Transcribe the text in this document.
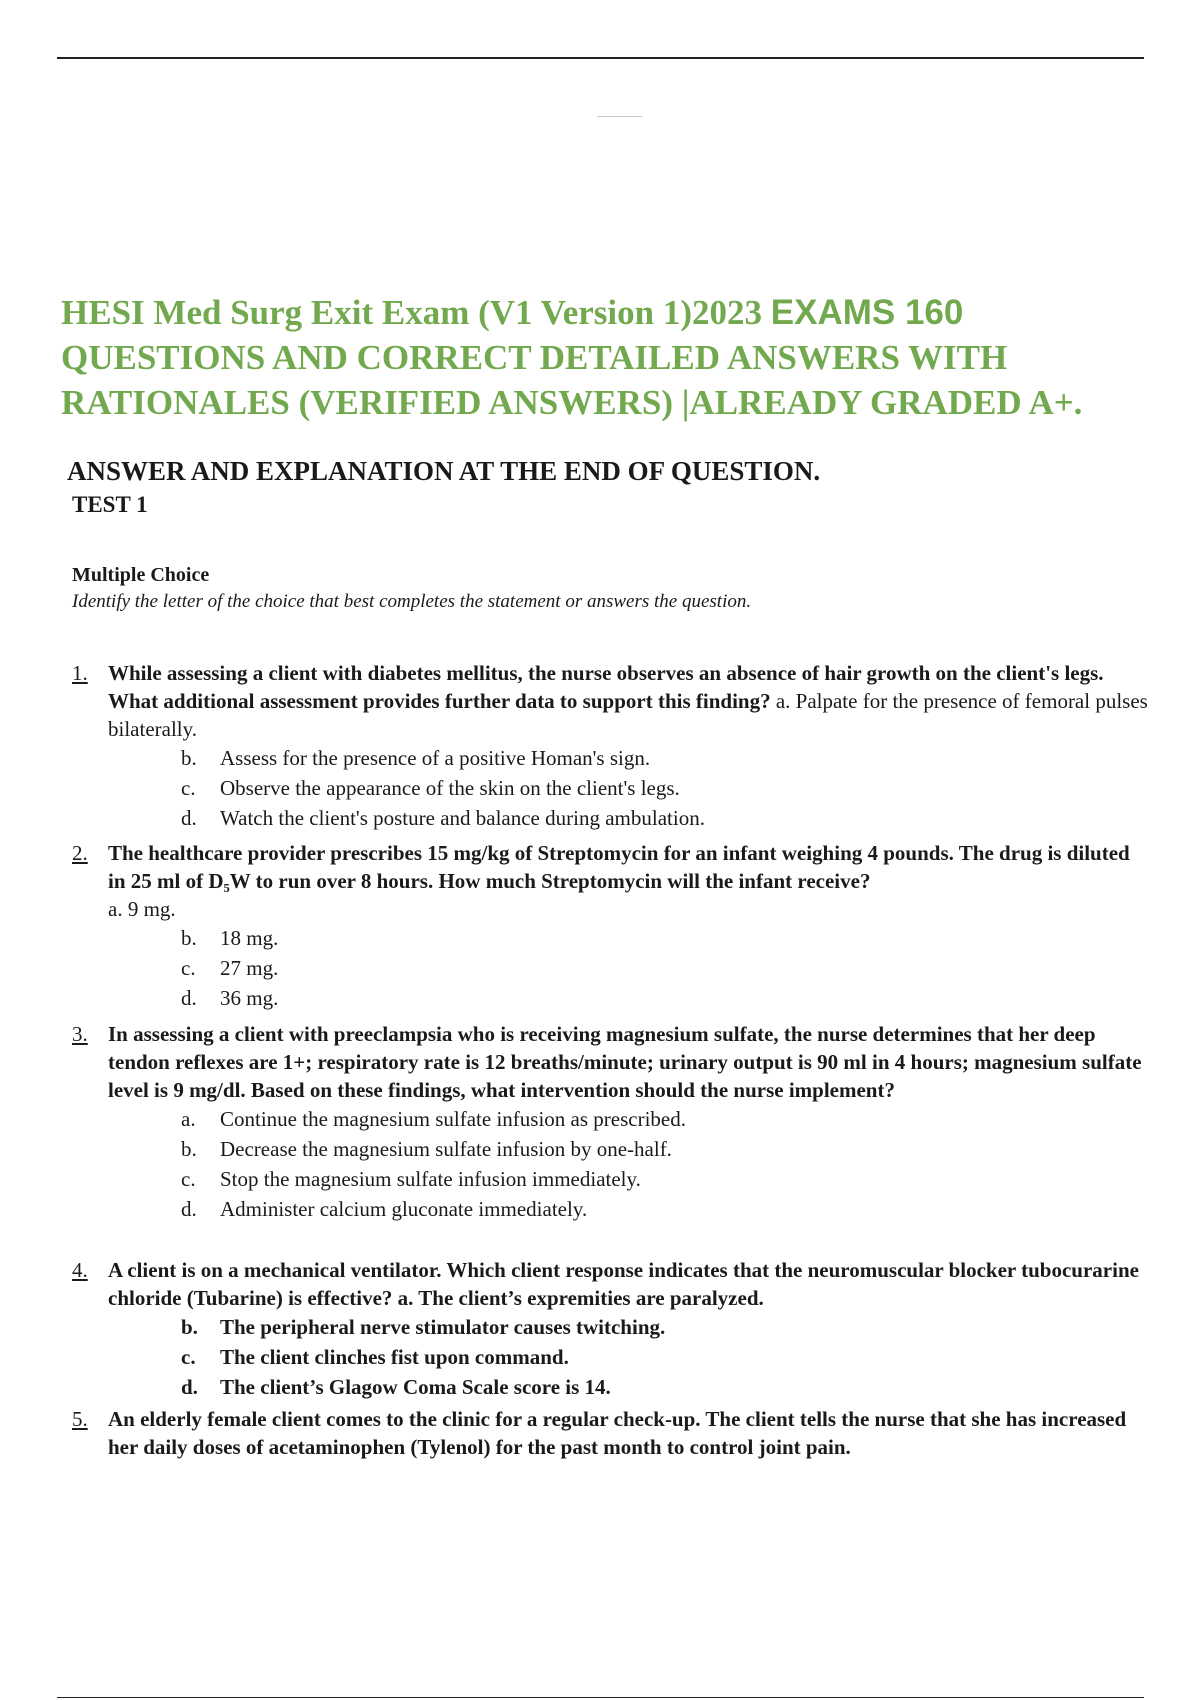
HESI Med Surg Exit Exam (V1 Version 1)2023 EXAMS 160
QUESTIONS AND CORRECT DETAILED ANSWERS WITH
RATIONALES (VERIFIED ANSWERS) |ALREADY GRADED A+.
ANSWER AND EXPLANATION AT THE END OF QUESTION.
TEST 1
Multiple Choice
Identify the letter of the choice that best completes the statement or answers the question.
1. While assessing a client with diabetes mellitus, the nurse observes an absence of hair growth on the client's legs. What additional assessment provides further data to support this finding? a. Palpate for the presence of femoral pulses bilaterally.
b. Assess for the presence of a positive Homan's sign.
c. Observe the appearance of the skin on the client's legs.
d. Watch the client's posture and balance during ambulation.
2. The healthcare provider prescribes 15 mg/kg of Streptomycin for an infant weighing 4 pounds. The drug is diluted in 25 ml of D₅W to run over 8 hours. How much Streptomycin will the infant receive?
a. 9 mg.
b. 18 mg.
c. 27 mg.
d. 36 mg.
3. In assessing a client with preeclampsia who is receiving magnesium sulfate, the nurse determines that her deep tendon reflexes are 1+; respiratory rate is 12 breaths/minute; urinary output is 90 ml in 4 hours; magnesium sulfate level is 9 mg/dl. Based on these findings, what intervention should the nurse implement?
a. Continue the magnesium sulfate infusion as prescribed.
b. Decrease the magnesium sulfate infusion by one-half.
c. Stop the magnesium sulfate infusion immediately.
d. Administer calcium gluconate immediately.
4. A client is on a mechanical ventilator. Which client response indicates that the neuromuscular blocker tubocurarine chloride (Tubarine) is effective? a. The client’s expremities are paralyzed.
b. The peripheral nerve stimulator causes twitching.
c. The client clinches fist upon command.
d. The client’s Glagow Coma Scale score is 14.
5. An elderly female client comes to the clinic for a regular check-up. The client tells the nurse that she has increased her daily doses of acetaminophen (Tylenol) for the past month to control joint pain.
